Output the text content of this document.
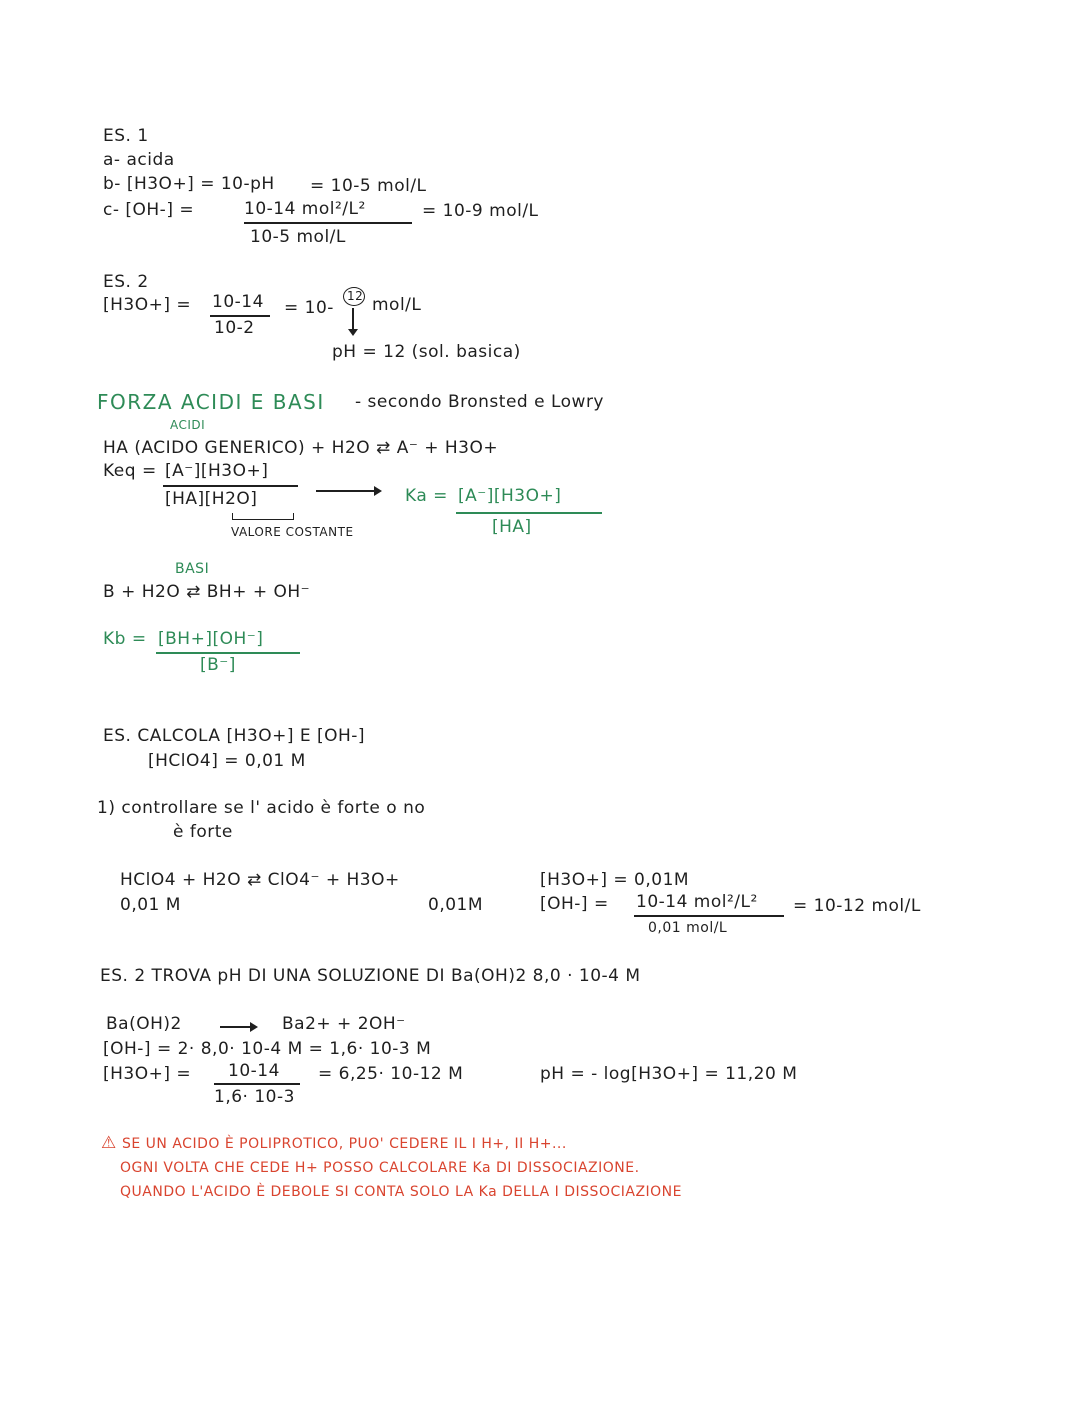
ES. 1
a- acida
b- [H3O+] = 10-pH = 10-5 mol/L
c- [OH-] =	10-14 mol²/L²
10-5 mol/L
= 10-9 mol/L
ES. 2
[H3O+] = 10-14
10-2
= 10-
12 mol/L
pH = 12 (sol. basica)
FORZA ACIDI E BASI - secondo Bronsted e Lowry
ACIDI
HA (ACIDO GENERICO) + H2O ⇄ A⁻ + H3O+
Keq = [A⁻][H3O+]
[HA][H2O]
VALORE COSTANTE
Ka = [A⁻][H3O+]
[HA]
BASI
B + H2O ⇄ BH+ + OH⁻
Kb = [BH+][OH⁻]
[B⁻]
ES. CALCOLA [H3O+] E [OH-]
[HClO4] = 0,01 M
1) controllare se l' acido è forte o no
è forte
HClO4 + H2O ⇄ ClO4⁻ + H3O+
0,01 M	0,01M
[H3O+] = 0,01M
[OH-] = 10-14 mol²/L²
0,01 mol/L
= 10-12 mol/L
ES. 2 TROVA pH DI UNA SOLUZIONE DI Ba(OH)2 8,0 · 10-4 M
Ba(OH)2	Ba2+ + 2OH⁻
[OH-] = 2· 8,0· 10-4 M = 1,6· 10-3 M
[H3O+] = 10-14
1,6· 10-3
= 6,25· 10-12 M	pH = - log[H3O+] = 11,20 M
⚠ SE UN ACIDO È POLIPROTICO, PUO' CEDERE IL I H+, II H+...
OGNI VOLTA CHE CEDE H+ POSSO CALCOLARE Ka DI DISSOCIAZIONE.
QUANDO L'ACIDO È DEBOLE SI CONTA SOLO LA Ka DELLA I DISSOCIAZIONE
